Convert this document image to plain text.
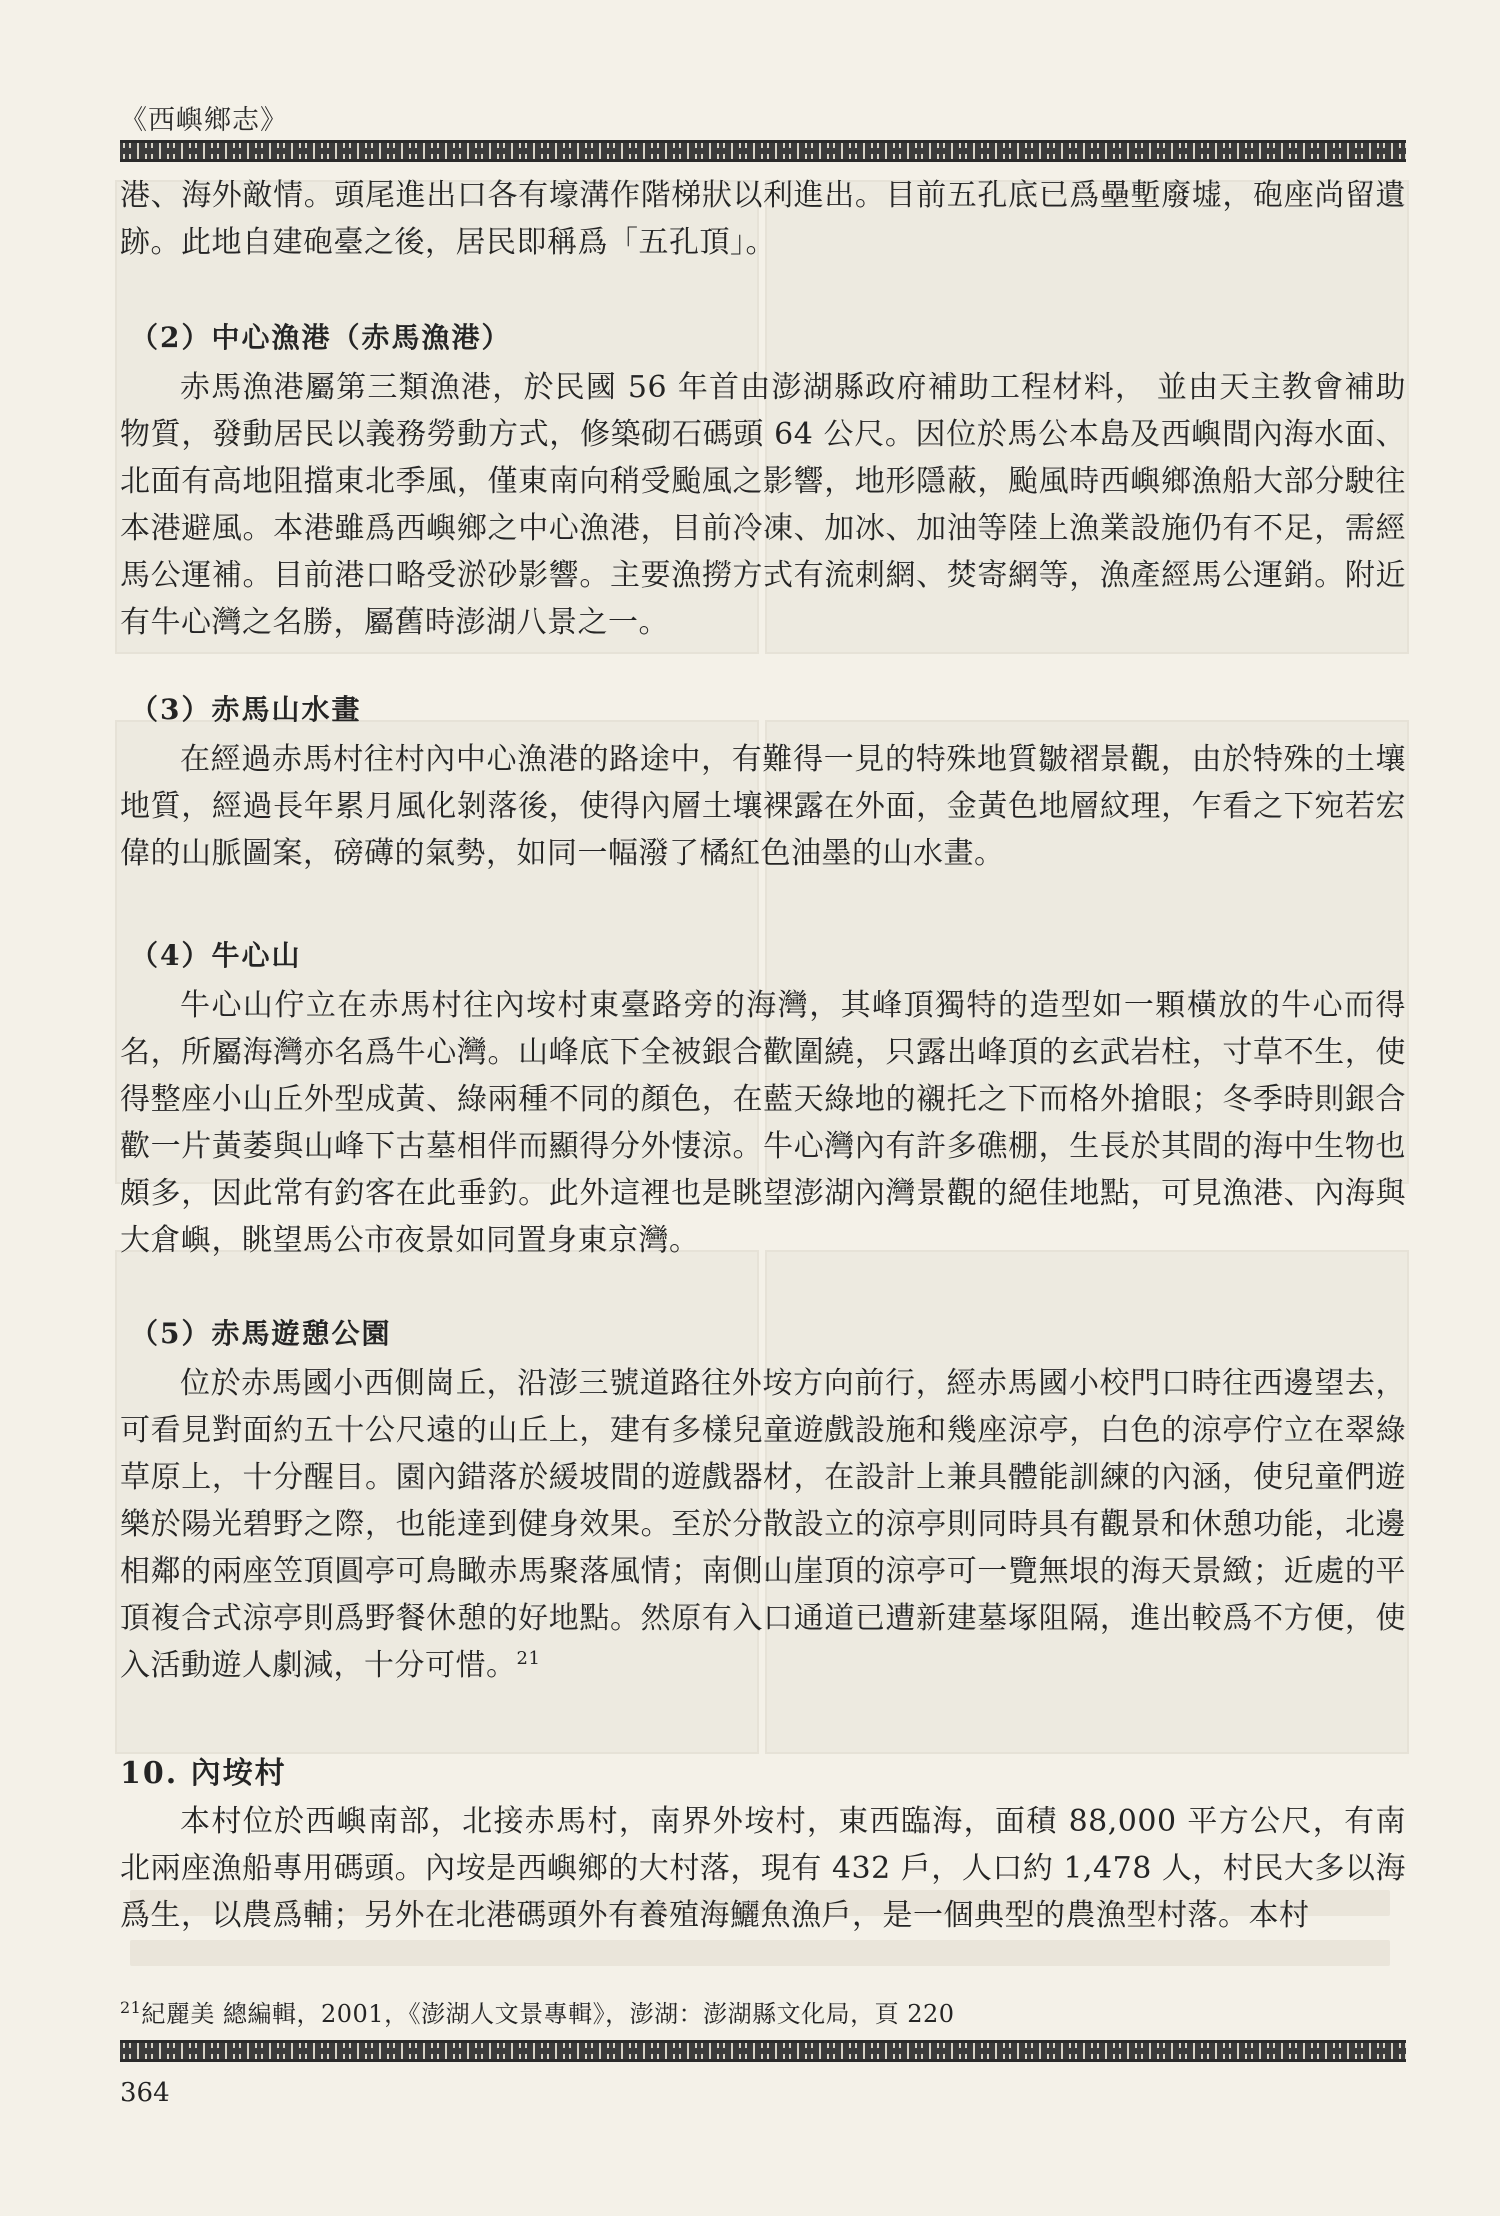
《西嶼鄉志》

港、海外敵情。頭尾進出口各有壕溝作階梯狀以利進出。目前五孔底已爲壘塹廢墟，砲座尚留遺跡。此地自建砲臺之後，居民即稱爲「五孔頂」。

（2）中心漁港（赤馬漁港）

赤馬漁港屬第三類漁港，於民國 56 年首由澎湖縣政府補助工程材料， 並由天主教會補助物質，發動居民以義務勞動方式，修築砌石碼頭 64 公尺。因位於馬公本島及西嶼間內海水面、北面有高地阻擋東北季風，僅東南向稍受颱風之影響，地形隱蔽，颱風時西嶼鄉漁船大部分駛往本港避風。本港雖爲西嶼鄉之中心漁港，目前冷凍、加冰、加油等陸上漁業設施仍有不足，需經馬公運補。目前港口略受淤砂影響。主要漁撈方式有流刺網、焚寄網等，漁產經馬公運銷。附近有牛心灣之名勝，屬舊時澎湖八景之一。

（3）赤馬山水畫

在經過赤馬村往村內中心漁港的路途中，有難得一見的特殊地質皺褶景觀，由於特殊的土壤地質，經過長年累月風化剝落後，使得內層土壤裸露在外面，金黃色地層紋理，乍看之下宛若宏偉的山脈圖案，磅礡的氣勢，如同一幅潑了橘紅色油墨的山水畫。

（4）牛心山

牛心山佇立在赤馬村往內垵村東臺路旁的海灣，其峰頂獨特的造型如一顆橫放的牛心而得名，所屬海灣亦名爲牛心灣。山峰底下全被銀合歡圍繞，只露出峰頂的玄武岩柱，寸草不生，使得整座小山丘外型成黃、綠兩種不同的顏色，在藍天綠地的襯托之下而格外搶眼；冬季時則銀合歡一片黃萎與山峰下古墓相伴而顯得分外悽涼。牛心灣內有許多礁棚，生長於其間的海中生物也頗多，因此常有釣客在此垂釣。此外這裡也是眺望澎湖內灣景觀的絕佳地點，可見漁港、內海與大倉嶼，眺望馬公市夜景如同置身東京灣。

（5）赤馬遊憩公園

位於赤馬國小西側崗丘，沿澎三號道路往外垵方向前行，經赤馬國小校門口時往西邊望去，可看見對面約五十公尺遠的山丘上，建有多樣兒童遊戲設施和幾座涼亭，白色的涼亭佇立在翠綠草原上，十分醒目。園內錯落於緩坡間的遊戲器材，在設計上兼具體能訓練的內涵，使兒童們遊樂於陽光碧野之際，也能達到健身效果。至於分散設立的涼亭則同時具有觀景和休憩功能，北邊相鄰的兩座笠頂圓亭可鳥瞰赤馬聚落風情；南側山崖頂的涼亭可一覽無垠的海天景緻；近處的平頂複合式涼亭則爲野餐休憩的好地點。然原有入口通道已遭新建墓塚阻隔，進出較爲不方便，使入活動遊人劇減，十分可惜。$^{21}$

10. 內垵村

本村位於西嶼南部，北接赤馬村，南界外垵村，東西臨海，面積 88,000 平方公尺，有南北兩座漁船專用碼頭。內垵是西嶼鄉的大村落，現有 432 戶，人口約 1,478 人，村民大多以海爲生，以農爲輔；另外在北港碼頭外有養殖海鱺魚漁戶，是一個典型的農漁型村落。本村

$^{21}$紀麗美 總編輯，2001，《澎湖人文景專輯》，澎湖：澎湖縣文化局，頁 220
364
